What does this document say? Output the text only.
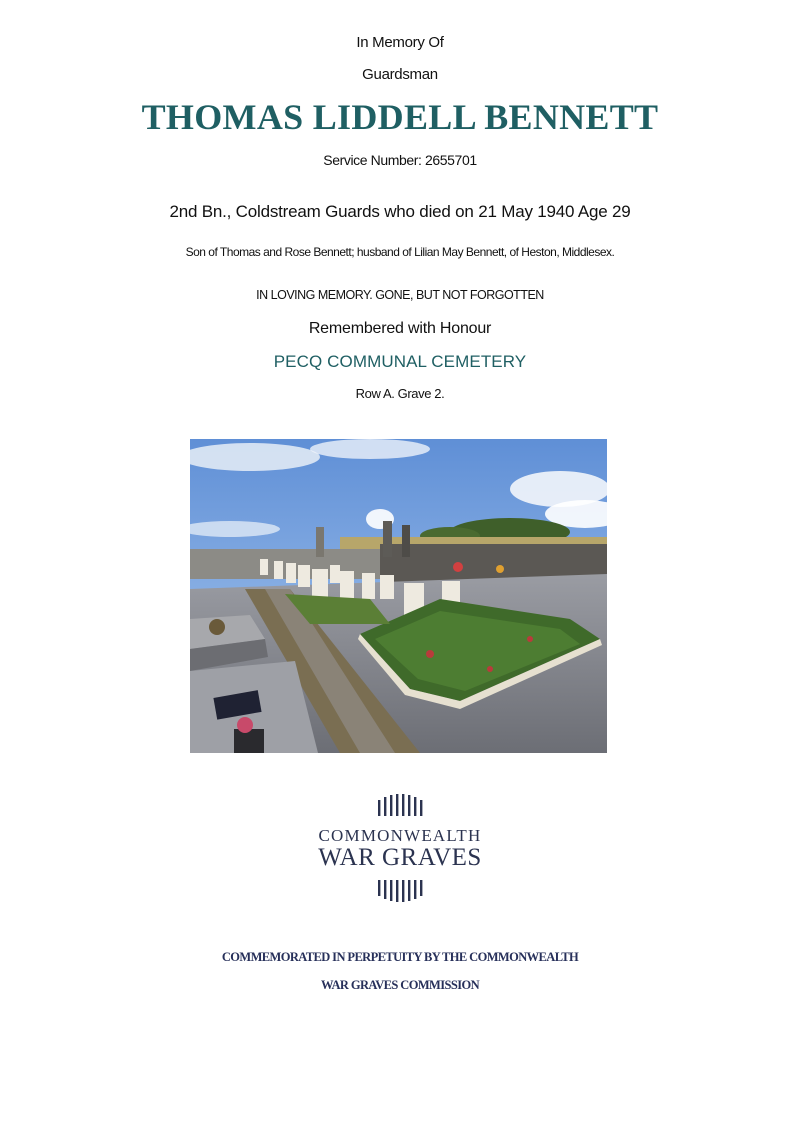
In Memory Of
Guardsman
THOMAS LIDDELL BENNETT
Service Number: 2655701
2nd Bn., Coldstream Guards who died on 21 May 1940 Age 29
Son of Thomas and Rose Bennett; husband of Lilian May Bennett, of Heston, Middlesex.
IN LOVING MEMORY. GONE, BUT NOT FORGOTTEN
Remembered with Honour
PECQ COMMUNAL CEMETERY
Row A. Grave 2.
COMMONWEALTH
WAR GRAVES
COMMEMORATED IN PERPETUITY BY THE COMMONWEALTH
WAR GRAVES COMMISSION
